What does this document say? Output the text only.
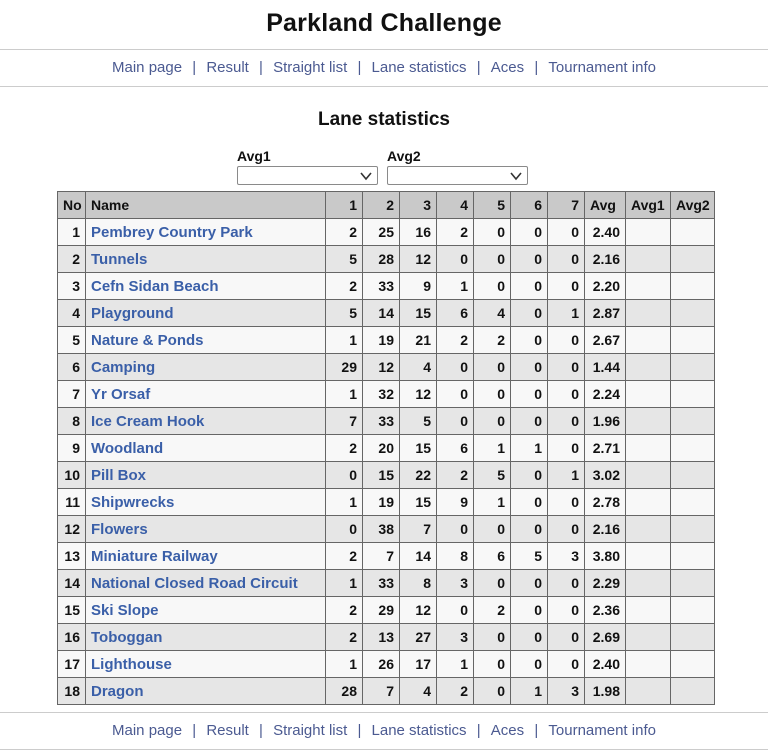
Parkland Challenge
Main page | Result | Straight list | Lane statistics | Aces | Tournament info
Lane statistics
Avg1	Avg2
No	Name	1	2	3	4	5	6	7	Avg	Avg1	Avg2
1	Pembrey Country Park	2	25	16	2	0	0	0	2.40		
2	Tunnels	5	28	12	0	0	0	0	2.16		
3	Cefn Sidan Beach	2	33	9	1	0	0	0	2.20		
4	Playground	5	14	15	6	4	0	1	2.87		
5	Nature & Ponds	1	19	21	2	2	0	0	2.67		
6	Camping	29	12	4	0	0	0	0	1.44		
7	Yr Orsaf	1	32	12	0	0	0	0	2.24		
8	Ice Cream Hook	7	33	5	0	0	0	0	1.96		
9	Woodland	2	20	15	6	1	1	0	2.71		
10	Pill Box	0	15	22	2	5	0	1	3.02		
11	Shipwrecks	1	19	15	9	1	0	0	2.78		
12	Flowers	0	38	7	0	0	0	0	2.16		
13	Miniature Railway	2	7	14	8	6	5	3	3.80		
14	National Closed Road Circuit	1	33	8	3	0	0	0	2.29		
15	Ski Slope	2	29	12	0	2	0	0	2.36		
16	Toboggan	2	13	27	3	0	0	0	2.69		
17	Lighthouse	1	26	17	1	0	0	0	2.40		
18	Dragon	28	7	4	2	0	1	3	1.98		
Main page | Result | Straight list | Lane statistics | Aces | Tournament info
